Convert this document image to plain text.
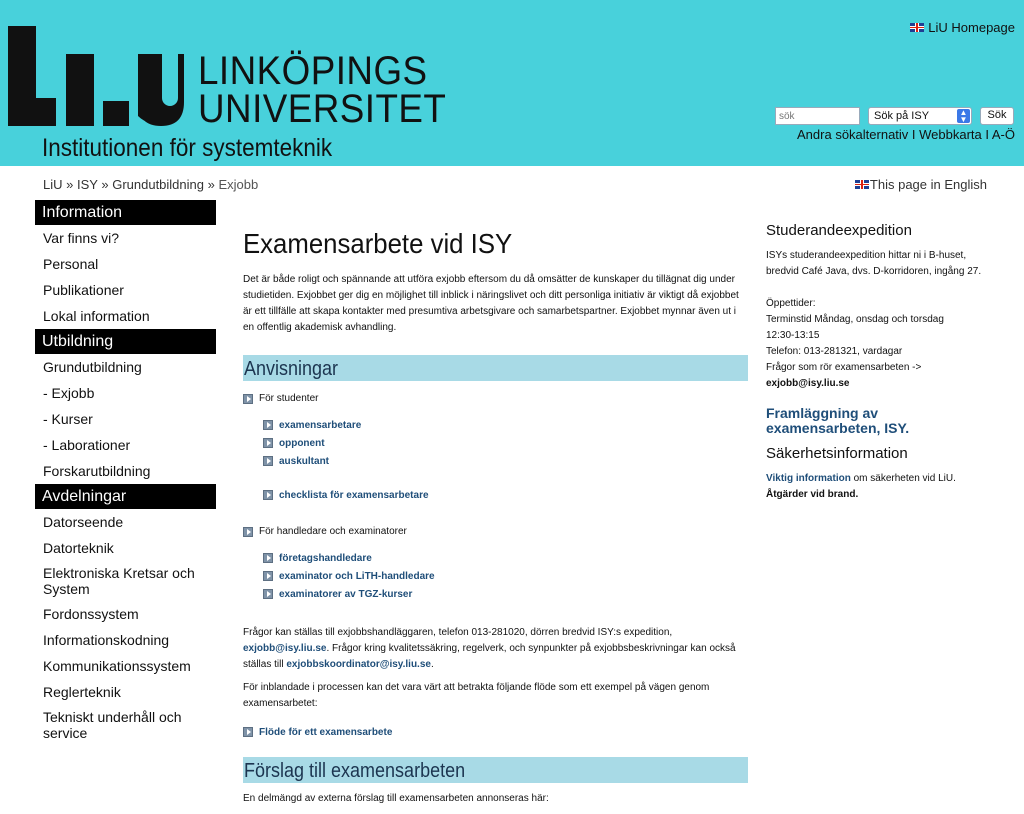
LINKÖPINGS
UNIVERSITET
Institutionen för systemteknik
LiU Homepage
sök
Sök på ISY	▲
▼	Sök
Andra sökalternativ I Webbkarta I A-Ö
LiU » ISY » Grundutbildning » Exjobb	This page in English
Information
Var finns vi?
Personal
Publikationer
Lokal information
Utbildning
Grundutbildning
- Exjobb
- Kurser
- Laborationer
Forskarutbildning
Avdelningar
Datorseende
Datorteknik
Elektroniska Kretsar och System
Fordonssystem
Informationskodning
Kommunikationssystem
Reglerteknik
Tekniskt underhåll och service
Examensarbete vid ISY

Det är både roligt och spännande att utföra exjobb eftersom du då omsätter de kunskaper du tillägnat dig under studietiden. Exjobbet ger dig en möjlighet till inblick i näringslivet och ditt personliga initiativ är viktigt då exjobbet är ett tillfälle att skapa kontakter med presumtiva arbetsgivare och samarbetspartner. Exjobbet mynnar även ut i en offentlig akademisk avhandling.

Anvisningar
För studenter
examensarbetare
opponent
auskultant
checklista för examensarbetare
För handledare och examinatorer
företagshandledare
examinator och LiTH-handledare
examinatorer av TGZ-kurser

Frågor kan ställas till exjobbshandläggaren, telefon 013-281020, dörren bredvid ISY:s expedition,
exjobb@isy.liu.se. Frågor kring kvalitetssäkring, regelverk, och synpunkter på exjobbsbeskrivningar kan också ställas till exjobbskoordinator@isy.liu.se.

För inblandade i processen kan det vara värt att betrakta följande flöde som ett exempel på vägen genom examensarbetet:

Flöde för ett examensarbete
Förslag till examensarbeten

En delmängd av externa förslag till examensarbeten annonseras här:

Studerandeexpedition

ISYs studerandeexpedition hittar ni i B-huset, bredvid Café Java, dvs. D-korridoren, ingång 27.

Öppettider:

Terminstid Måndag, onsdag och torsdag

12:30-13:15

Telefon: 013-281321, vardagar

Frågor som rör examensarbeten ->

exjobb@isy.liu.se

Framläggning av examensarbeten, ISY.

Säkerhetsinformation

Viktig information om säkerheten vid LiU.

Åtgärder vid brand.
